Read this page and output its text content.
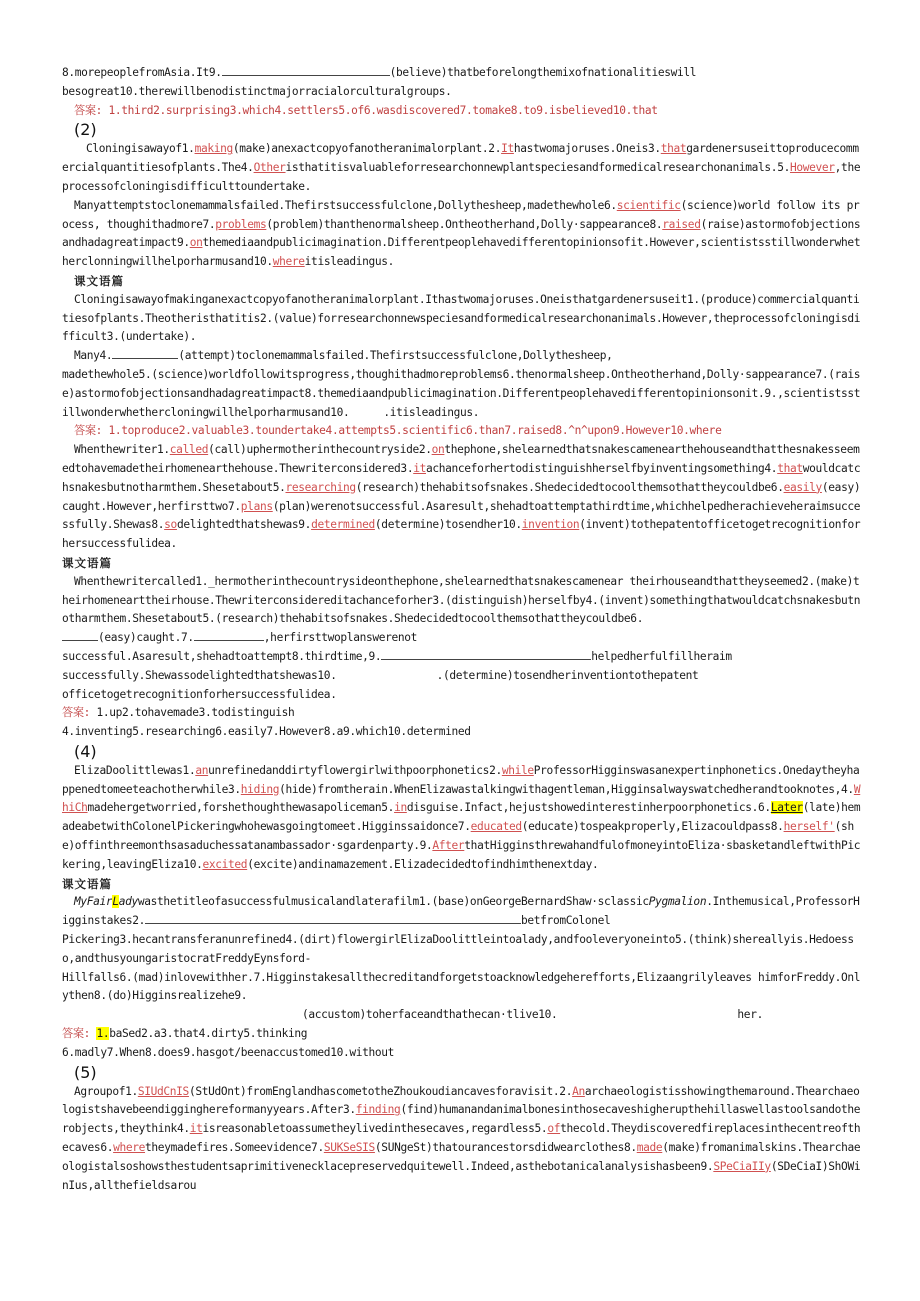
8.morepeoplefromAsia.It9.	(believe)thatbeforelongthemixofnationalitieswill

besogreat10.therewillbenodistinctmajorracialorculturalgroups.

答案: 1.third2.surprising3.which4.settlers5.of6.wasdiscovered7.tomake8.to9.isbelieved10.that

(2)

Cloningisawayof1.making(make)anexactcopyofanotheranimalorplant.2.Ithastwomajoruses.Oneis3.thatgardenersuseittoproducecommercialquantitiesofplants.The4.Otheristhatitisvaluableforresearchonnewplantspeciesandformedicalresearchonanimals.5.However,theprocessofcloningisdifficulttoundertake.

Manyattemptstoclonemammalsfailed.Thefirstsuccessfulclone,Dollythesheep,madethewhole6.scientific(science)world follow its process, thoughithadmore7.problems(problem)thanthenormalsheep.Ontheotherhand,Dolly·sappearance8.raised(raise)astormofobjectionsandhadagreatimpact9.onthemediaandpublicimagination.Differentpeoplehavedifferentopinionsofit.However,scientistsstillwonderwhetherclonningwillhelporharmusand10.whereitisleadingus.

课文语篇

Cloningisawayofmakinganexactcopyofanotheranimalorplant.Ithastwomajoruses.Oneisthatgardenersuseit1.(produce)commercialquantitiesofplants.Theotheristhatitis2.(value)forresearchonnewspeciesandformedicalresearchonanimals.However,theprocessofcloningisdifficult3.(undertake).

Many4.	(attempt)toclonemammalsfailed.Thefirstsuccessfulclone,Dollythesheep,
madethewhole5.(science)worldfollowitsprogress,thoughithadmoreproblems6.thenormalsheep.Ontheotherhand,Dolly·sappearance7.(raise)astormofobjectionsandhadagreatimpact8.themediaandpublicimagination.Differentpeoplehavedifferentopinionsonit.9.,scientistsstillwonderwhethercloningwillhelporharmusand10.	.itisleadingus.

答案: 1.toproduce2.valuable3.toundertake4.attempts5.scientific6.than7.raised8.^n^upon9.However10.where

Whenthewriter1.called(call)uphermotherinthecountryside2.onthephone,shelearnedthatsnakescamenearthehouseandthatthesnakesseemedtohavemadetheirhomenearthehouse.Thewriterconsidered3.itachanceforhertodistinguishherselfbyinventingsomething4.thatwouldcatchsnakesbutnotharmthem.Shesetabout5.researching(research)thehabitsofsnakes.Shedecidedtocoolthemsothattheycouldbe6.easily(easy)caught.However,herfirsttwo7.plans(plan)werenotsuccessful.Asaresult,shehadtoattemptathirdtime,whichhelpedherachieveheraimsuccessfully.Shewas8.sodelightedthatshewas9.determined(determine)tosendher10.invention(invent)tothepatentofficetogetrecognitionforhersuccessfulidea.

课文语篇

Whenthewritercalled1._hermotherinthecountrysideonthephone,shelearnedthatsnakescamenear theirhouseandthattheyseemed2.(make)theirhomenearttheirhouse.Thewriterconsidereditachanceforher3.(distinguish)herselfby4.(invent)somethingthatwouldcatchsnakesbutnotharmthem.Shesetabout5.(research)thehabitsofsnakes.Shedecidedtocoolthemsothattheycouldbe6.(easy)caught.7.	,herfirsttwoplanswerenot

successful.Asaresult,shehadtoattempt8.thirdtime,9.	helpedherfulfillheraim

successfully.Shewassodelightedthatshewas10.	.(determine)tosendherinventiontothepatent

officetogetrecognitionforhersuccessfulidea.

答案: 1.up2.tohavemade3.todistinguish

4.inventing5.researching6.easily7.However8.a9.which10.determined

(4)

ElizaDoolittlewas1.anunrefinedanddirtyflowergirlwithpoorphonetics2.whileProfessorHigginswasanexpertinphonetics.Onedaytheyhappenedtomeeteachotherwhile3.hiding(hide)fromtherain.WhenElizawastalkingwithagentleman,Higginsalwayswatchedherandtooknotes,4.WhiChmadehergetworried,forshethoughthewasapoliceman5.indisguise.Infact,hejustshowedinterestinherpoorphonetics.6.Later(late)hemadeabetwithColonelPickeringwhohewasgoingtomeet.Higginssaidonce7.educated(educate)tospeakproperly,Elizacouldpass8.herself'(she)offinthreemonthsasaduchessatanambassador·sgardenparty.9.AfterthatHigginsthrewahandfulofmoneyintoEliza·sbasketandleftwithPickering,leavingEliza10.excited(excite)andinamazement.Elizadecidedtofindhimthenextday.

课文语篇

MyFairLadywasthetitleofasuccessfulmusicalandlaterafilm1.(base)onGeorgeBernardShaw·sclassicPygmalion.Inthemusical,ProfessorHigginstakes2.	betfromColonel

Pickering3.hecantransferanunrefined4.(dirt)flowergirlElizaDoolittleintoalady,andfooleveryoneinto5.(think)shereallyis.Hedoesso,andthusyoungaristocratFreddyEynsford-

Hillfalls6.(mad)inlovewithher.7.Higginstakesallthecreditandforgetstoacknowledgeherefforts,Elizaangrilyleaves himforFreddy.Onlythen8.(do)Higginsrealizehe9.

(accustom)toherfaceandthathecan·tlive10.	her.

答案: 1.baSed2.a3.that4.dirty5.thinking

6.madly7.When8.does9.hasgot/beenaccustomed10.without

(5)

Agroupof1.SIUdCnIS(StUdOnt)fromEnglandhascometotheZhoukoudiancavesforavisit.2.Anarchaeologistisshowingthemaround.Thearchaeologistshavebeendigginghereformanyyears.After3.finding(find)humanandanimalbonesinthosecaveshigherupthehillaswellastoolsandotherobjects,theythink4.itisreasonabletoassumetheylivedinthesecaves,regardless5.ofthecold.Theydiscoveredfireplacesinthecentreofthecaves6.wheretheymadefires.Someevidence7.SUKSeSIS(SUNgeSt)thatourancestorsdidwearclothes8.made(make)fromanimalskins.Thearchaeologistalsoshowsthestudentsaprimitivenecklacepreservedquitewell.Indeed,asthebotanicalanalysishasbeen9.SPeCiaIIy(SDeCiaI)ShOWinIus,allthefieldsarou
